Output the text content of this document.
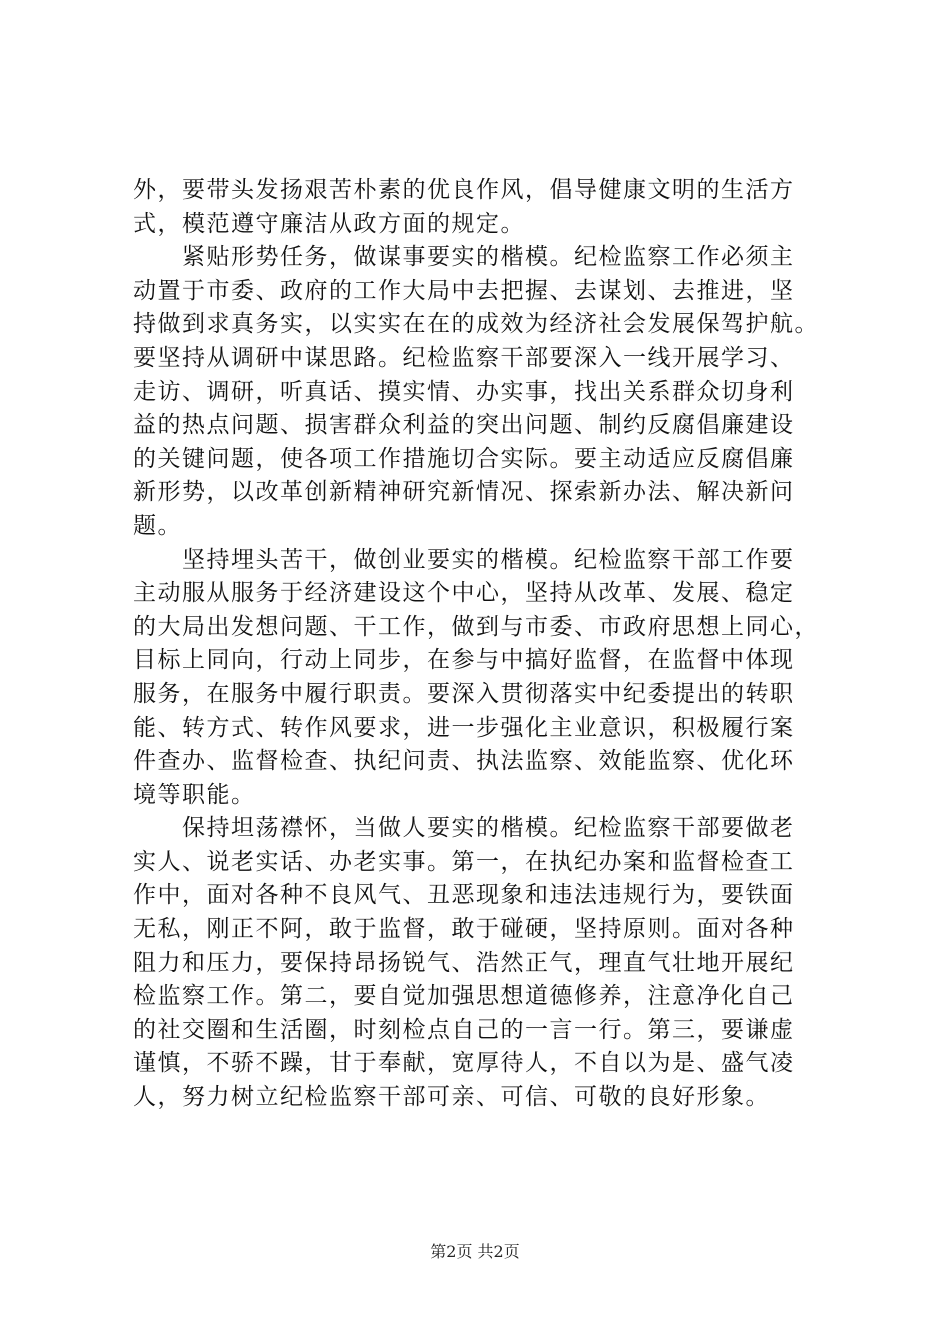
外，要带头发扬艰苦朴素的优良作风，倡导健康文明的生活方
式，模范遵守廉洁从政方面的规定。
　　紧贴形势任务，做谋事要实的楷模。纪检监察工作必须主
动置于市委、政府的工作大局中去把握、去谋划、去推进，坚
持做到求真务实，以实实在在的成效为经济社会发展保驾护航。
要坚持从调研中谋思路。纪检监察干部要深入一线开展学习、
走访、调研，听真话、摸实情、办实事，找出关系群众切身利
益的热点问题、损害群众利益的突出问题、制约反腐倡廉建设
的关键问题，使各项工作措施切合实际。要主动适应反腐倡廉
新形势，以改革创新精神研究新情况、探索新办法、解决新问
题。
　　坚持埋头苦干，做创业要实的楷模。纪检监察干部工作要
主动服从服务于经济建设这个中心，坚持从改革、发展、稳定
的大局出发想问题、干工作，做到与市委、市政府思想上同心，
目标上同向，行动上同步，在参与中搞好监督，在监督中体现
服务，在服务中履行职责。要深入贯彻落实中纪委提出的转职
能、转方式、转作风要求，进一步强化主业意识，积极履行案
件查办、监督检查、执纪问责、执法监察、效能监察、优化环
境等职能。
　　保持坦荡襟怀，当做人要实的楷模。纪检监察干部要做老
实人、说老实话、办老实事。第一，在执纪办案和监督检查工
作中，面对各种不良风气、丑恶现象和违法违规行为，要铁面
无私，刚正不阿，敢于监督，敢于碰硬，坚持原则。面对各种
阻力和压力，要保持昂扬锐气、浩然正气，理直气壮地开展纪
检监察工作。第二，要自觉加强思想道德修养，注意净化自己
的社交圈和生活圈，时刻检点自己的一言一行。第三，要谦虚
谨慎，不骄不躁，甘于奉献，宽厚待人，不自以为是、盛气凌
人，努力树立纪检监察干部可亲、可信、可敬的良好形象。
第2页 共2页
